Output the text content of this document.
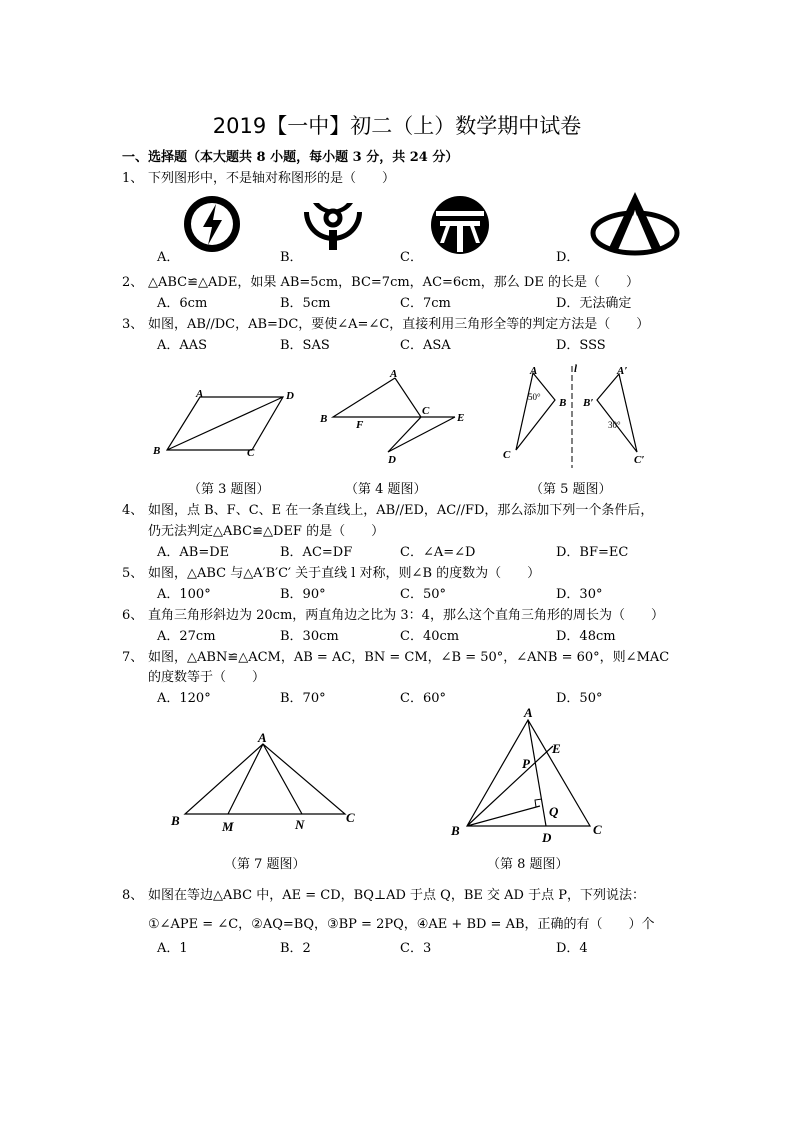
2019【一中】初二（上）数学期中试卷
一、选择题（本大题共 8 小题，每小题 3 分，共 24 分）
1、 下列图形中，不是轴对称图形的是（　　）
A．	B．	C．	D．
2、 △ABC≌△ADE，如果 AB=5cm，BC=7cm，AC=6cm，那么 DE 的长是（　　）
A．6cm	B．5cm	C．7cm	D．无法确定
3、 如图，AB//DC，AB=DC，要使∠A=∠C，直接利用三角形全等的判定方法是（　　）
A．AAS	B．SAS	C．ASA	D．SSS
A	D
B	C
（第 3 题图）
A
B	F
C
E
D
（第 4 题图）
A
B
C
50°
l	A′
B′
C′
30°
（第 5 题图）
4、 如图，点 B、F、C、E 在一条直线上，AB//ED，AC//FD，那么添加下列一个条件后，
仍无法判定△ABC≌△DEF 的是（　　）
A．AB=DE	B．AC=DF	C．∠A=∠D	D．BF=EC
5、 如图，△ABC 与△A′B′C′ 关于直线 l 对称，则∠B 的度数为（　　）
A．100°	B．90°	C．50°	D．30°
6、 直角三角形斜边为 20cm，两直角边之比为 3：4，那么这个直角三角形的周长为（　　）
A．27cm	B．30cm	C．40cm	D．48cm
7、 如图，△ABN≌△ACM，AB = AC，BN = CM，∠B = 50°，∠ANB = 60°，则∠MAC
的度数等于（　　）
A．120°	B．70°	C．60°	D．50°
A
B	M	N	C
（第 7 题图）
A
E
P
Q
B	D
C
（第 8 题图）
8、 如图在等边△ABC 中，AE = CD，BQ⊥AD 于点 Q，BE 交 AD 于点 P，下列说法：
①∠APE = ∠C，②AQ=BQ，③BP = 2PQ，④AE + BD = AB，正确的有（　　）个
A．1	B．2	C．3	D．4
